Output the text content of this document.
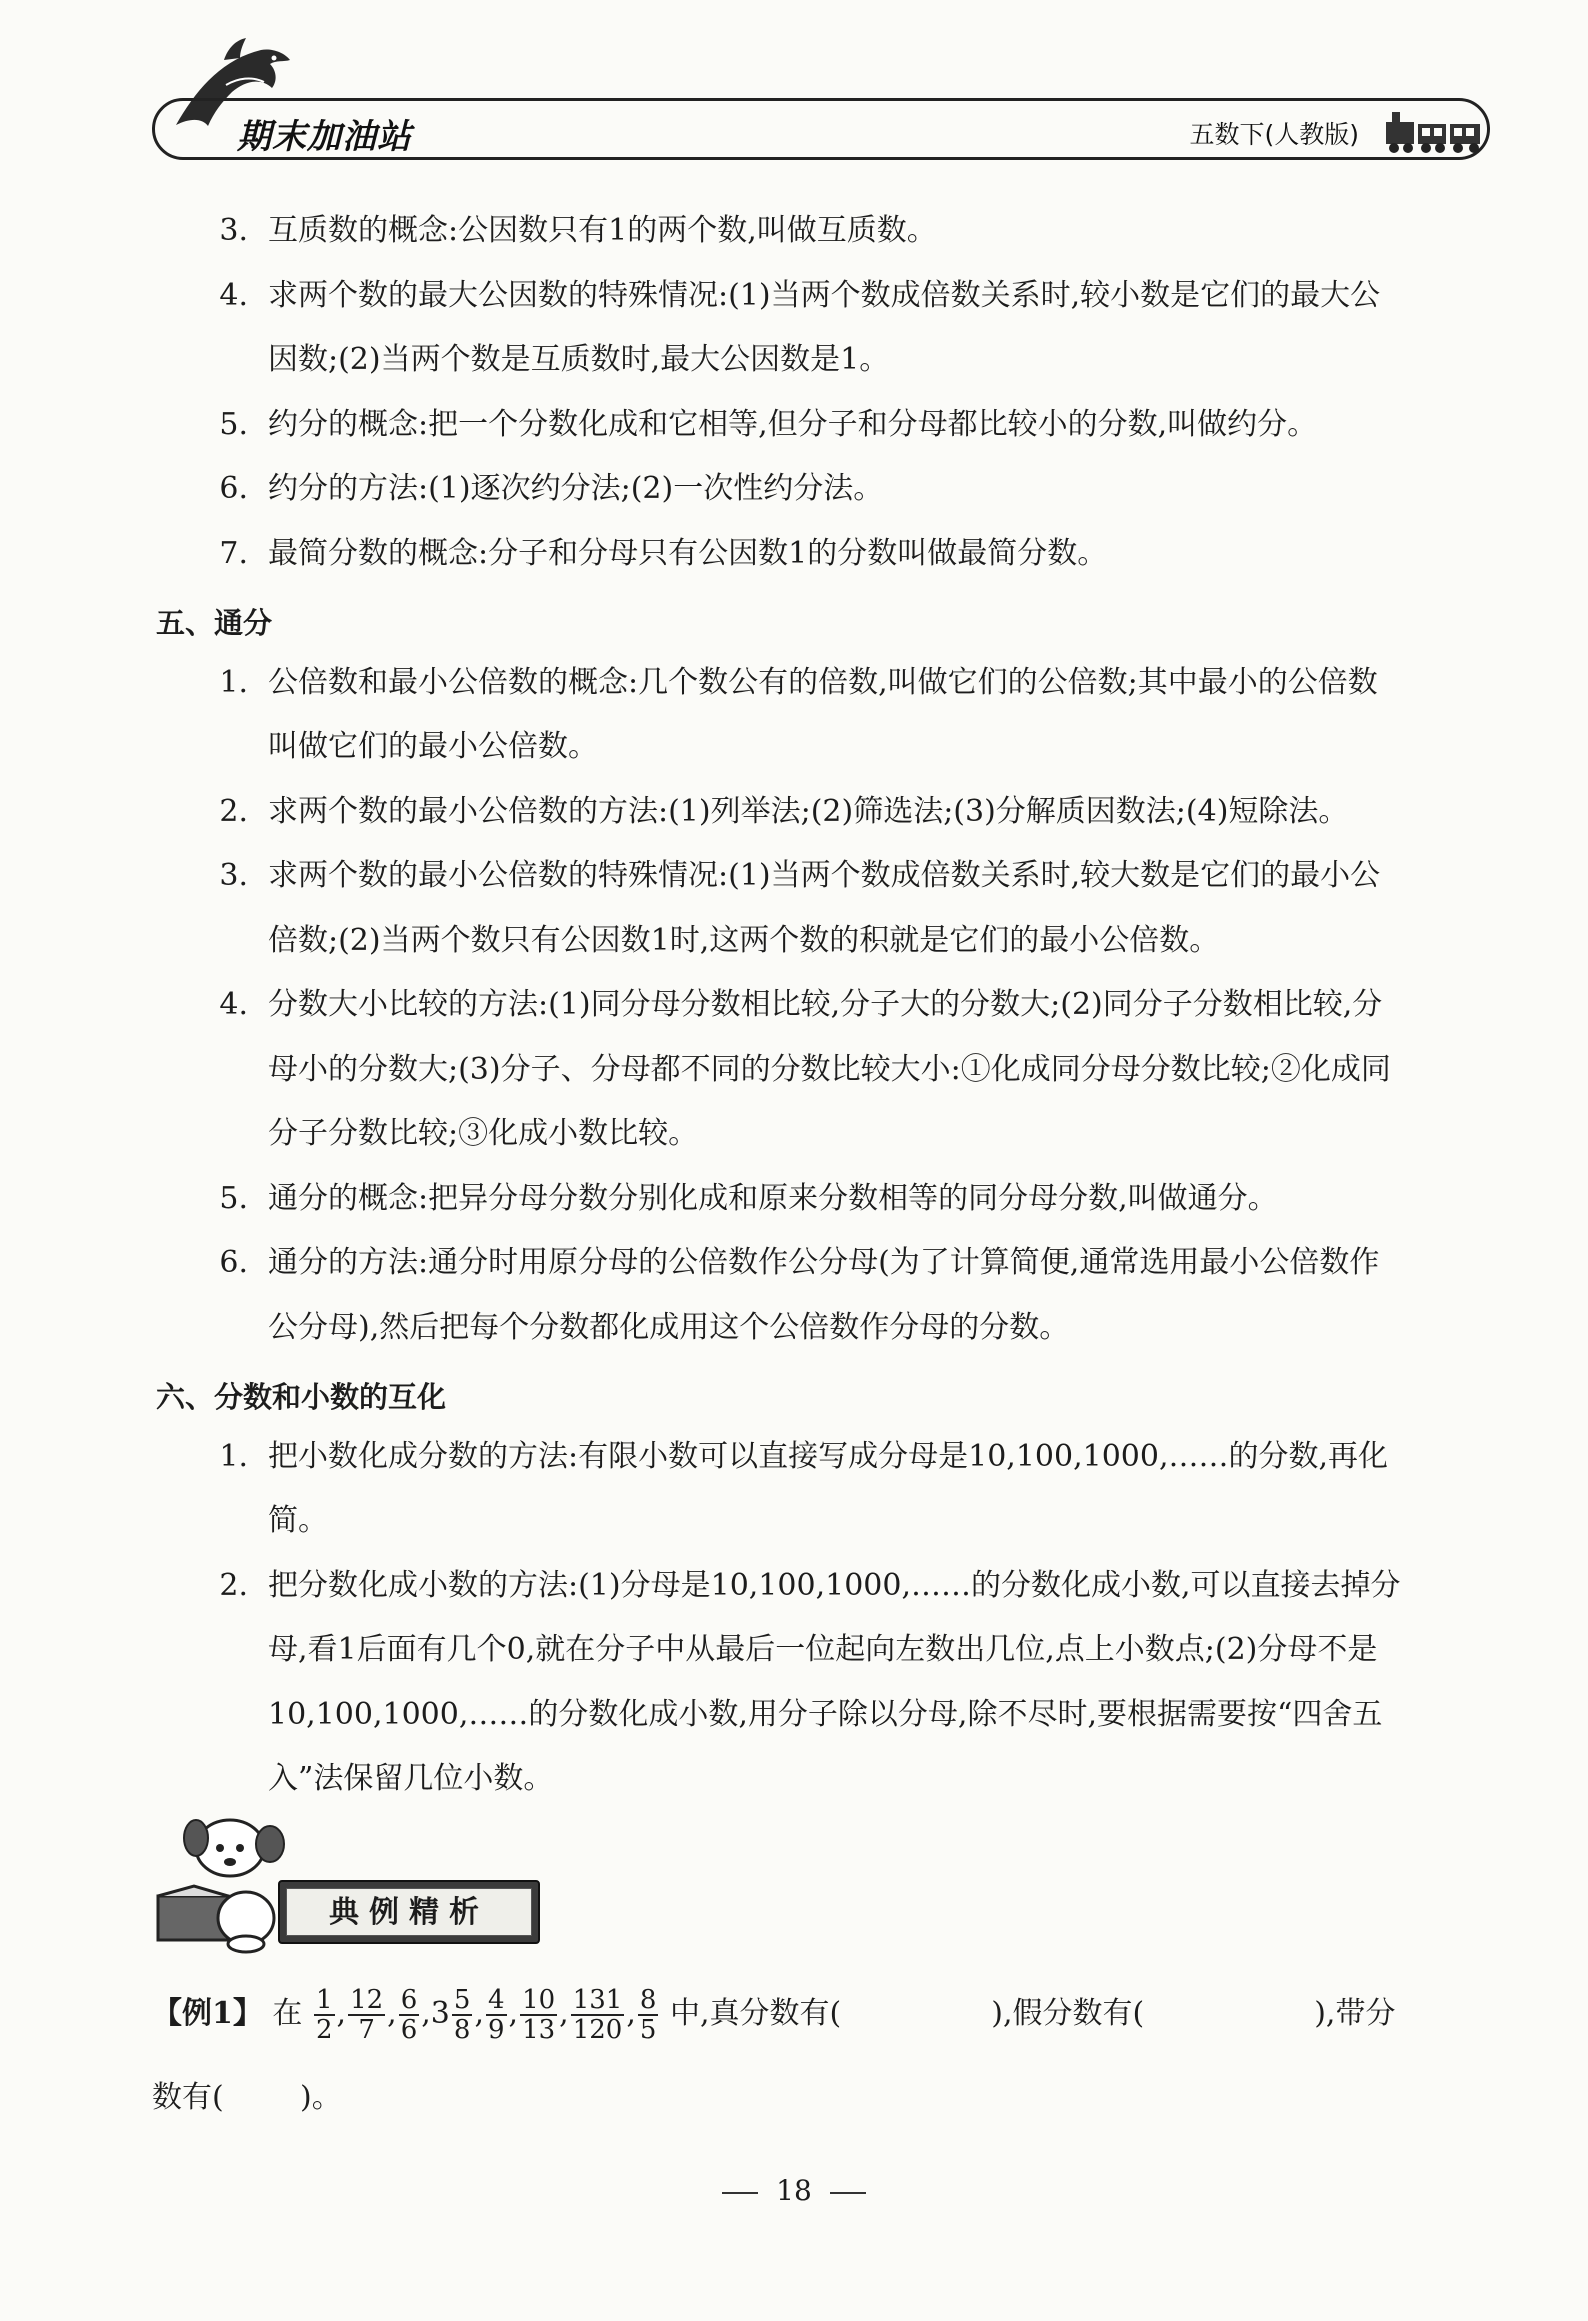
期末加油站	五数下(人教版)
互质数的概念:公因数只有1的两个数,叫做互质数。
3.
求两个数的最大公因数的特殊情况:(1)当两个数成倍数关系时,较小数是它们的最大公
4.
因数;(2)当两个数是互质数时,最大公因数是1。
约分的概念:把一个分数化成和它相等,但分子和分母都比较小的分数,叫做约分。
5.
约分的方法:(1)逐次约分法;(2)一次性约分法。
6.
最简分数的概念:分子和分母只有公因数1的分数叫做最简分数。
7.
五、通分
公倍数和最小公倍数的概念:几个数公有的倍数,叫做它们的公倍数;其中最小的公倍数
1.
叫做它们的最小公倍数。
求两个数的最小公倍数的方法:(1)列举法;(2)筛选法;(3)分解质因数法;(4)短除法。
2.
求两个数的最小公倍数的特殊情况:(1)当两个数成倍数关系时,较大数是它们的最小公
3.
倍数;(2)当两个数只有公因数1时,这两个数的积就是它们的最小公倍数。
分数大小比较的方法:(1)同分母分数相比较,分子大的分数大;(2)同分子分数相比较,分
4.
母小的分数大;(3)分子、分母都不同的分数比较大小:①化成同分母分数比较;②化成同
分子分数比较;③化成小数比较。
通分的概念:把异分母分数分别化成和原来分数相等的同分母分数,叫做通分。
5.
通分的方法:通分时用原分母的公倍数作公分母(为了计算简便,通常选用最小公倍数作
6.
公分母),然后把每个分数都化成用这个公倍数作分母的分数。
六、分数和小数的互化
把小数化成分数的方法:有限小数可以直接写成分母是10,100,1000,……的分数,再化
1.
简。
把分数化成小数的方法:(1)分母是10,100,1000,……的分数化成小数,可以直接去掉分
2.
母,看1后面有几个0,就在分子中从最后一位起向左数出几位,点上小数点;(2)分母不是
10,100,1000,……的分数化成小数,用分子除以分母,除不尽时,要根据需要按“四舍五
入”法保留几位小数。
典例精析
【例1】 在 $\frac{1}{2}$ , $\frac{12}{7}$ , $\frac{6}{6} ,3 \frac{5}{8}$ , $\frac{4}{9}$ , $\frac{10}{13}$ , $\frac{131}{120}$ , $\frac{8}{5}$ 中,真分数有(	),假分数有(	),带分
数有(        )。
18
